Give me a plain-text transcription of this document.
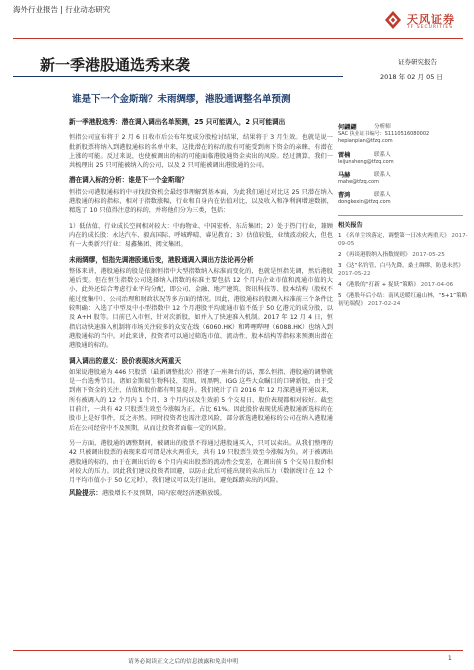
海外行业报告 | 行业动态研究
天风证券
TF SECURITIES
新一季港股通选秀来袭	证券研究报告
2018 年 02 月 05 日
谁是下一个金斯瑞？未雨绸缪，港股通调整名单预测

新一季港股选秀：潜在调入调出名单预测，25 只可能调入，2 只可能调出

恒指公司宣布将于 2 月 6 日收市后公布年度成分股检讨结果，结果将于 3 月生效。也就是说一批新股票将纳入到港股通标的名单中来，这批潜在的标的股有可能受到南下资金的亲睐，有潜在上涨的可能。反过来说，也使被调出的标的可能面临港股通资金卖出的风险。经过测算，我们一共梳理出 25 只可能被纳入的公司，以及 2 只可能被调出港股通的公司。

潜在调入标的分析：谁是下一个金斯瑞？

恒指公司港股通标的中寻找投资机会最经事理解到基本面，为此我们通过对比这 25 只潜在纳入港股通的标的指标，相对于指数涨幅，行业和自身内在估值对比，以及收入和净利润增速数据，精选了 10 只值得注意的标的，并将他们分为三类，包括：

1）低估值、行业成长空间相对较大：中海物业、中国宏桥、东岳集团；2）处于热门行业，兼顾内在的成长股：永达汽车、毅高国际、呼城晔晴、睿见教育；3）估值较低，业绩波动较大，但也有一大类新兴行业：易鑫集团、阅文集团。

未雨绸缪，恒指先调港股通后变，港股通调入调出方法论再分析

整体来讲，港股通标的股是依据恒指中大型指数纳入标准而变化的，也就是恒指先调，然后港股通后变。但在恒生指数公司选择纳入指数的标准主要包括 12 个月内企业市值和流通市值的大小，此外还综合考虑行业平均分配，即公司、金融、地产建筑、资讯科技等、股本结构（股权不能过度集中）、公司治理和财政状况等多方面的情况。因此，港股通标的股调入标准前三个条件比较明确：入选了中型及中小型指数中 12 个月港股平均流通市值不低于 50 亿港元的成分股，以及 A+H 股等。目前已入市恒，针对次新股，如并入了快速准入机制。2017 年 12 月 4 日，恒指启动快速准入机制将市场关注较多的众安在线（6060.HK）和哔哩哔哩（6088.HK）也纳入到港股通标的当中。对此来讲，投资者可以通过筛选市值、流动性、股本结构等指标来预测出潜在港股通的标的。

调入调出的意义：股价表现冰火两重天

如果说港股通为 446 只股票（最新调整批次）搭建了一座舞台的话，那么恒指、港股通的调整就是一台选秀节目。诸如金斯瑞生物科技、美图、周黑鸭、IGG 这些大众瞩目的口碑新股，由于受到南下资金的关注，估值和股价都有明显提升。我们统计了自 2016 年 12 月深港通开通以来，所有被调入的 12 个月内 1 个月、3 个月内以及生效前 5 个交易日，股价表现都相对较好。截至目前计，一共有 42 只股票生效至今涨幅为正，占比 61%。因此股价表现优质港股通新选标的在股市上是好事件，反之亦然。同时投资者也需注意风险，部分新选港股通标的公司在纳入港股通后在公司经营中不及预期，从而让投资者面临一定的风险。

另一方面，港股通的调整期间，被调出的股票不得通过港股通买入，只可以卖出。从我们整理的 42 只被调出股票的表现来看可谓是冰火两重天，共有 19 只股票生效至今涨幅为负。对于被调出港股通的标的，由于在调出后的 6 个月内卖出股票的流动性会变差，在调出前 5 个交易日股价相对较大的压力。因此我们建议投资者回避，以防止此后可能出现的卖出压力（数据统计在 12 个月平均市值小于 50 亿元时），我们建议可以先行退出，避免踩踏卖出的风险。

风险提示：港股增长不及预期，国内宏观经济逐渐放缓。

何翩翩	分析师
SAC 执业证书编号：S1110516080002
hepianpian@tfzq.com
雷楠	联系人
leijunsheng@tfzq.com
马赫	联系人
mahe@tfzq.com
曹鸿	联系人
dongkexin@tfzq.com
相关报告
1 《名单尘埃落定，调整第一日冰火两重天》 2017-09-05
2 《再谈港股纳入指数规则》 2017-05-25
3 《达“名钓管，白马先降，桑土绸缪，防患未然》 2017-05-22
4 《港股的“打新 + 捉妖”策略》 2017-04-06
5 《港股年后小结：南风送暖红遍山林，“5+1”策略初见端倪》 2017-02-24
请务必阅读正文之后的信息披露和免责申明	1
